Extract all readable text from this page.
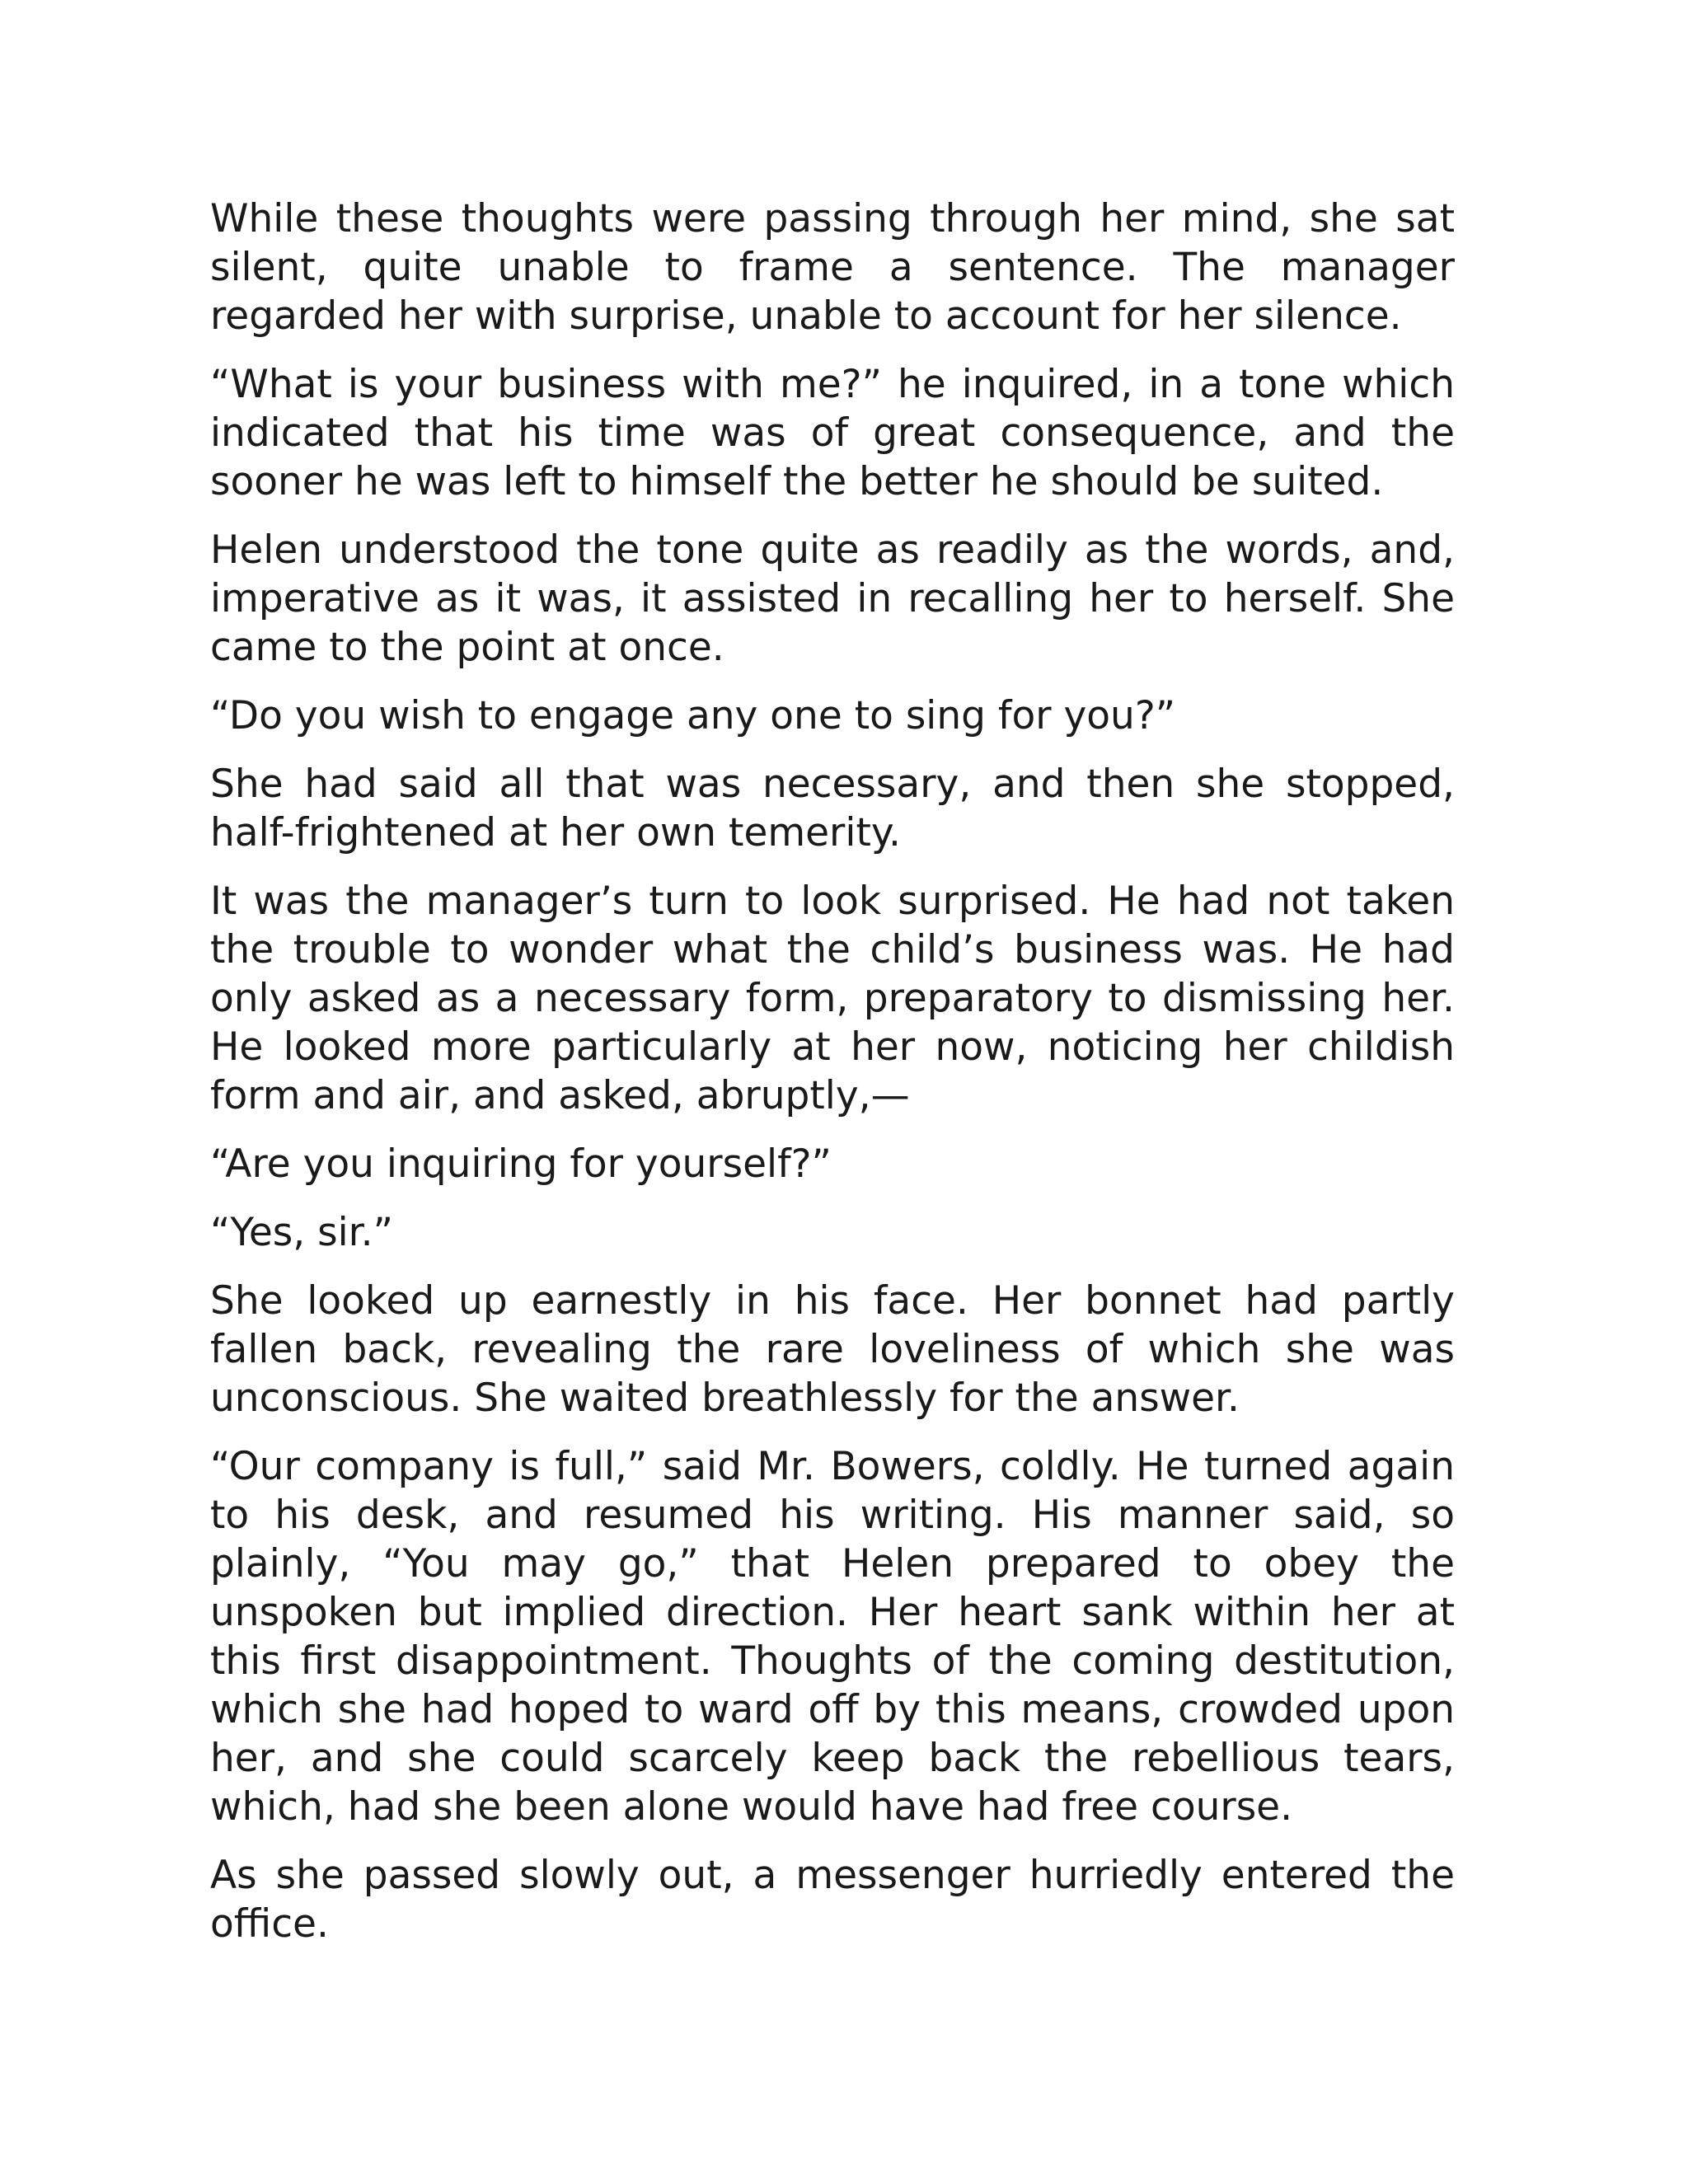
While these thoughts were passing through her mind, she sat silent, quite unable to frame a sentence. The manager regarded her with surprise, unable to account for her silence.

“What is your business with me?” he inquired, in a tone which indicated that his time was of great consequence, and the sooner he was left to himself the better he should be suited.

Helen understood the tone quite as readily as the words, and, imperative as it was, it assisted in recalling her to herself. She came to the point at once.

“Do you wish to engage any one to sing for you?”

She had said all that was necessary, and then she stopped, half-frightened at her own temerity.

It was the manager’s turn to look surprised. He had not taken the trouble to wonder what the child’s business was. He had only asked as a necessary form, preparatory to dismissing her. He looked more particularly at her now, noticing her childish form and air, and asked, abruptly,—

“Are you inquiring for yourself?”

“Yes, sir.”

She looked up earnestly in his face. Her bonnet had partly fallen back, revealing the rare loveliness of which she was unconscious. She waited breathlessly for the answer.

“Our company is full,” said Mr. Bowers, coldly. He turned again to his desk, and resumed his writing. His manner said, so plainly, “You may go,” that Helen prepared to obey the unspoken but implied direction. Her heart sank within her at this first disappointment. Thoughts of the coming destitution, which she had hoped to ward off by this means, crowded upon her, and she could scarcely keep back the rebellious tears, which, had she been alone would have had free course.

As she passed slowly out, a messenger hurriedly entered the office.
